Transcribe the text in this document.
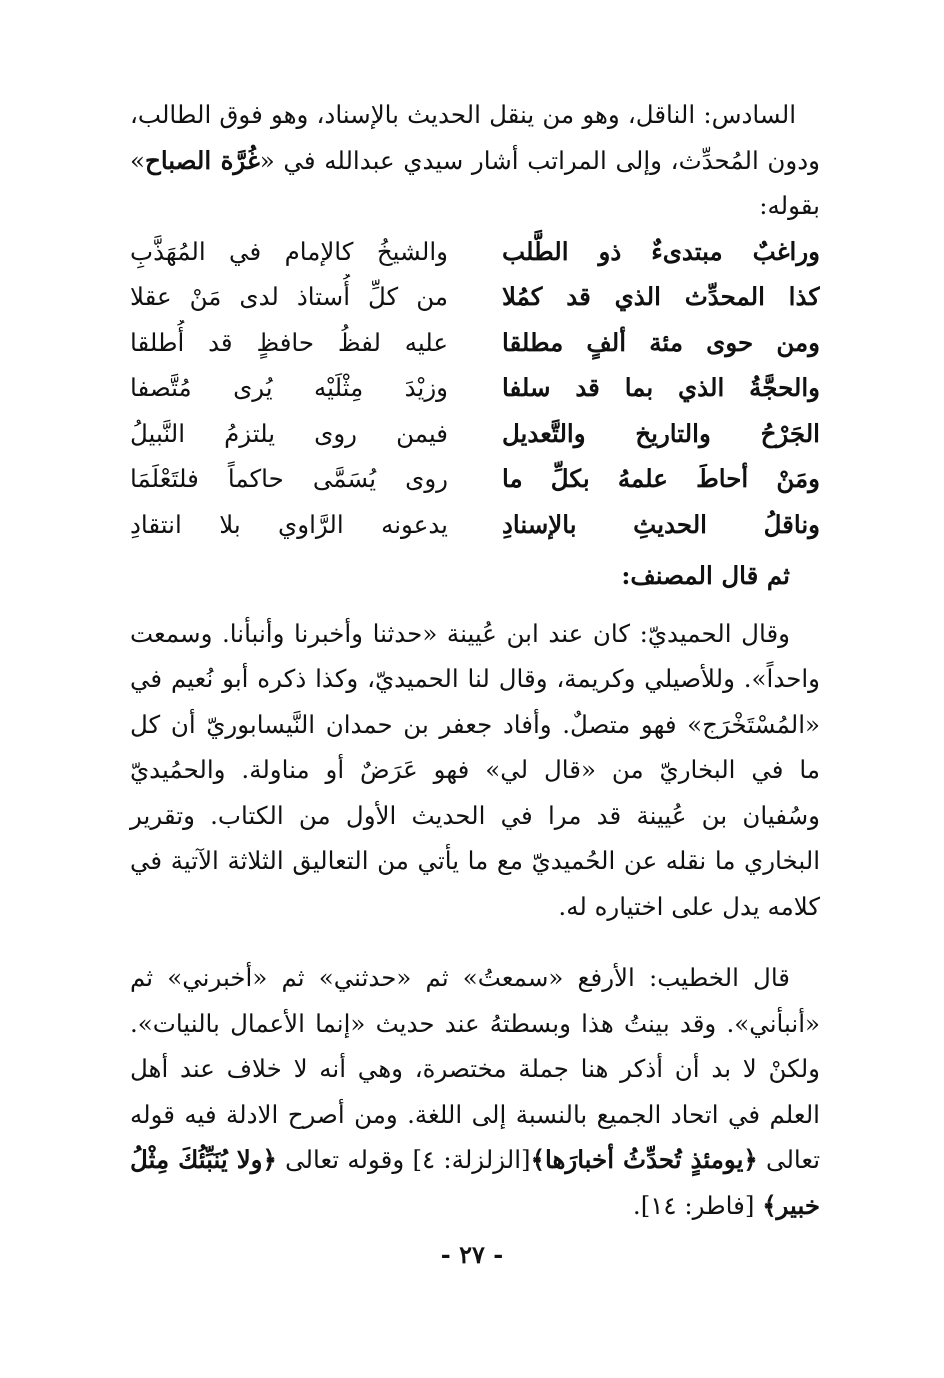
السادس: الناقل، وهو من ينقل الحديث بالإسناد، وهو فوق الطالب، ودون المُحدِّث، وإلى المراتب أشار سيدي عبدالله في «غُرَّة الصباح» بقوله:

وراغبٌ مبتدىءٌ ذو الطَّلب
والشيخُ كالإمام في المُهَذَّبِ
كذا المحدِّث الذي قد كمُلا
من كلِّ أُستاذ لدى مَنْ عقلا
ومن حوى مئة ألفٍ مطلقا
عليه لفظُ حافظٍ قد أُطلقا
والحجَّةُ الذي بما قد سلفا
وزيْدَ مِثْلَيْه يُرى مُتَّصفا
الجَرْحُ والتاريخ والتَّعديل
فيمن روى يلتزمُ النَّبيلُ
ومَنْ أحاطَ علمهُ بكلِّ ما
روى يُسَمَّى حاكماً فلتَعْلَمَا
وناقلُ الحديثِ بالإسنادِ
يدعونه الرَّاوي بلا انتقادِ

ثم قال المصنف:

وقال الحميديّ: كان عند ابن عُيينة «حدثنا وأخبرنا وأنبأنا. وسمعت واحداً». وللأصيلي وكريمة، وقال لنا الحميديّ، وكذا ذكره أبو نُعيم في «المُسْتَخْرَج» فهو متصلٌ. وأفاد جعفر بن حمدان النَّيسابوريّ أن كل ما في البخاريّ من «قال لي» فهو عَرَضٌ أو مناولة. والحمُيديّ وسُفيان بن عُيينة قد مرا في الحديث الأول من الكتاب. وتقرير البخاري ما نقله عن الحُميديّ مع ما يأتي من التعاليق الثلاثة الآتية في كلامه يدل على اختياره له.

قال الخطيب: الأرفع «سمعتُ» ثم «حدثني» ثم «أخبرني» ثم «أنبأني». وقد بينتُ هذا وبسطتهُ عند حديث «إنما الأعمال بالنيات». ولكنْ لا بد أن أذكر هنا جملة مختصرة، وهي أنه لا خلاف عند أهل العلم في اتحاد الجميع بالنسبة إلى اللغة. ومن أصرح الادلة فيه قوله تعالى ﴿يومئذٍ تُحدِّثُ أخبارَها﴾[الزلزلة: ٤] وقوله تعالى ﴿ولا يُنَبِّئُكَ مِثْلُ خبير﴾ [فاطر: ١٤].

- ٢٧ -
